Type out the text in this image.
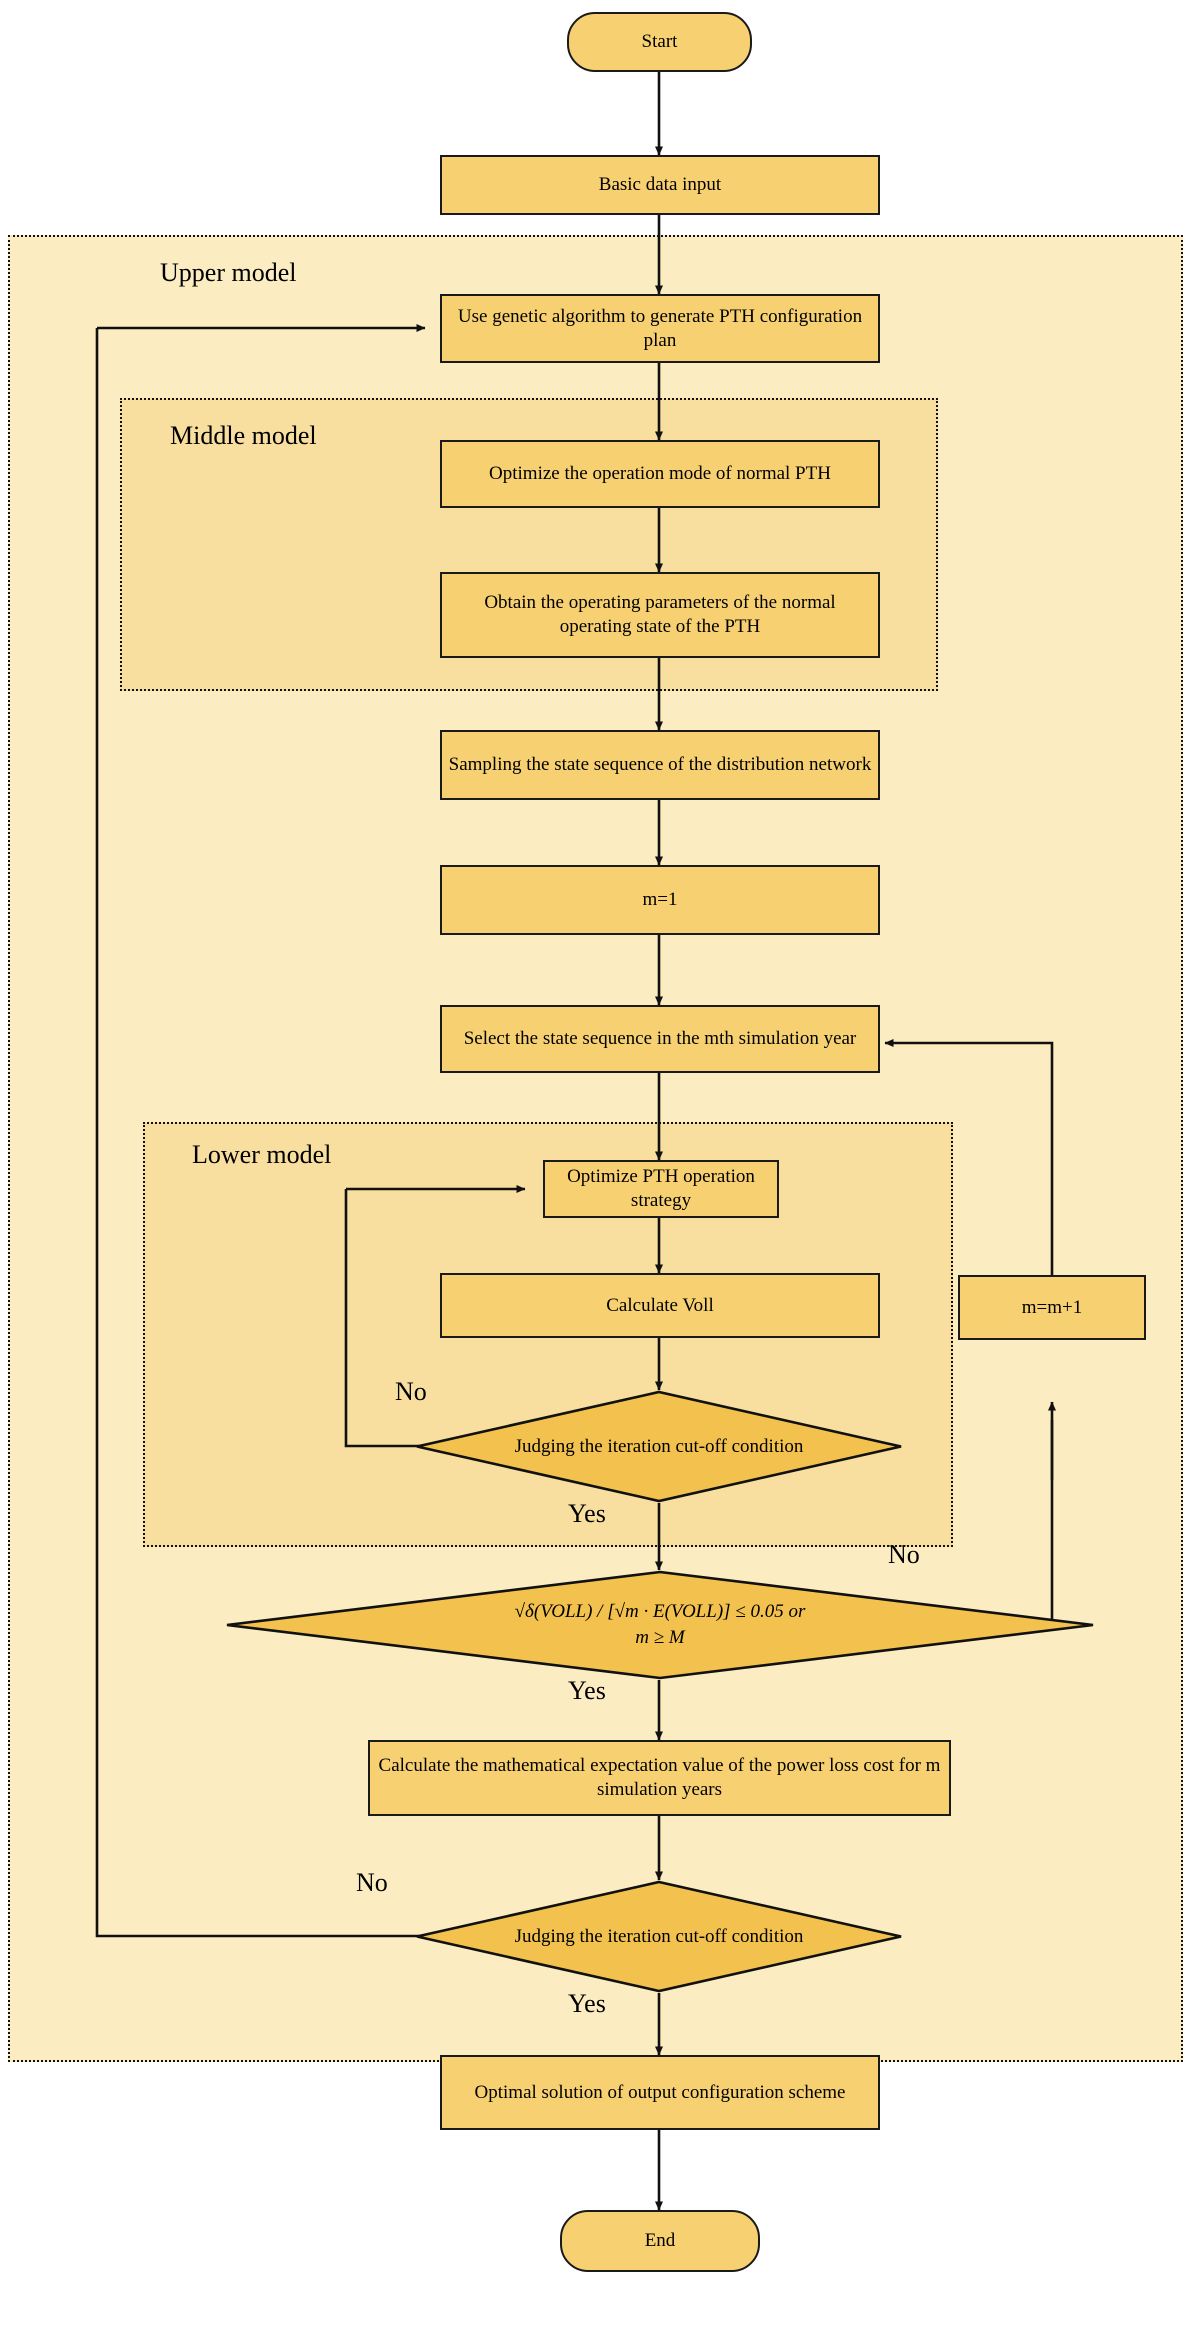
Upper model
Middle model
Lower model
Start
Basic data input
Use genetic algorithm to generate PTH configuration plan
Optimize the operation mode of normal PTH
Obtain the operating parameters of the normal operating state of the PTH
Sampling the state sequence of the distribution network
m=1
Select the state sequence in the mth simulation year
Optimize PTH operation strategy
Calculate Voll	m=m+1
Calculate the mathematical expectation value of the power loss cost for m simulation years
Optimal solution of output configuration scheme
End
Judging the iteration cut-off condition
√δ(VOLL) / [√m · E(VOLL)] ≤ 0.05 or
m ≥ M
Judging the iteration cut-off condition
No
Yes
No
Yes
No
Yes
